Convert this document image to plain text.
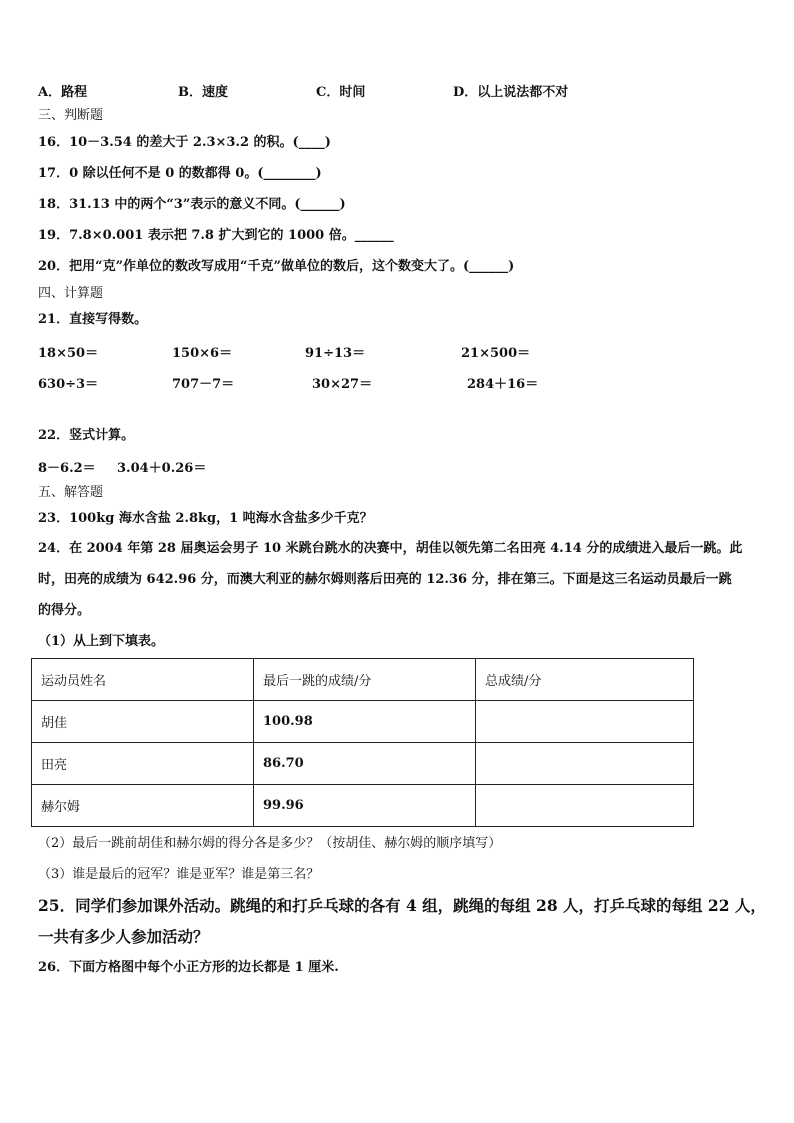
A．路程	B．速度	C．时间	D．以上说法都不对
三、判断题
16．10－3.54 的差大于 2.3×3.2 的积。(____)
17．0 除以任何不是 0 的数都得 0。(________)
18．31.13 中的两个“3”表示的意义不同。(______)
19．7.8×0.001 表示把 7.8 扩大到它的 1000 倍。______
20．把用“克”作单位的数改写成用“千克”做单位的数后，这个数变大了。(______)
四、计算题
21．直接写得数。
18×50＝	150×6＝	91÷13＝	21×500＝
630÷3＝	707－7＝	30×27＝	284＋16＝
22．竖式计算。
8－6.2＝ 3.04＋0.26＝
五、解答题
23．100kg 海水含盐 2.8kg，1 吨海水含盐多少千克？
24．在 2004 年第 28 届奥运会男子 10 米跳台跳水的决赛中，胡佳以领先第二名田亮 4.14 分的成绩进入最后一跳。此
时，田亮的成绩为 642.96 分，而澳大利亚的赫尔姆则落后田亮的 12.36 分，排在第三。下面是这三名运动员最后一跳
的得分。
（1）从上到下填表。
运动员姓名	最后一跳的成绩/分	总成绩/分
胡佳	100.98	
田亮	86.70	
赫尔姆	99.96	
（2）最后一跳前胡佳和赫尔姆的得分各是多少？（按胡佳、赫尔姆的顺序填写）
（3）谁是最后的冠军？谁是亚军？谁是第三名？
25．同学们参加课外活动。跳绳的和打乒乓球的各有 4 组，跳绳的每组 28 人，打乒乓球的每组 22 人，
一共有多少人参加活动？
26．下面方格图中每个小正方形的边长都是 1 厘米.
